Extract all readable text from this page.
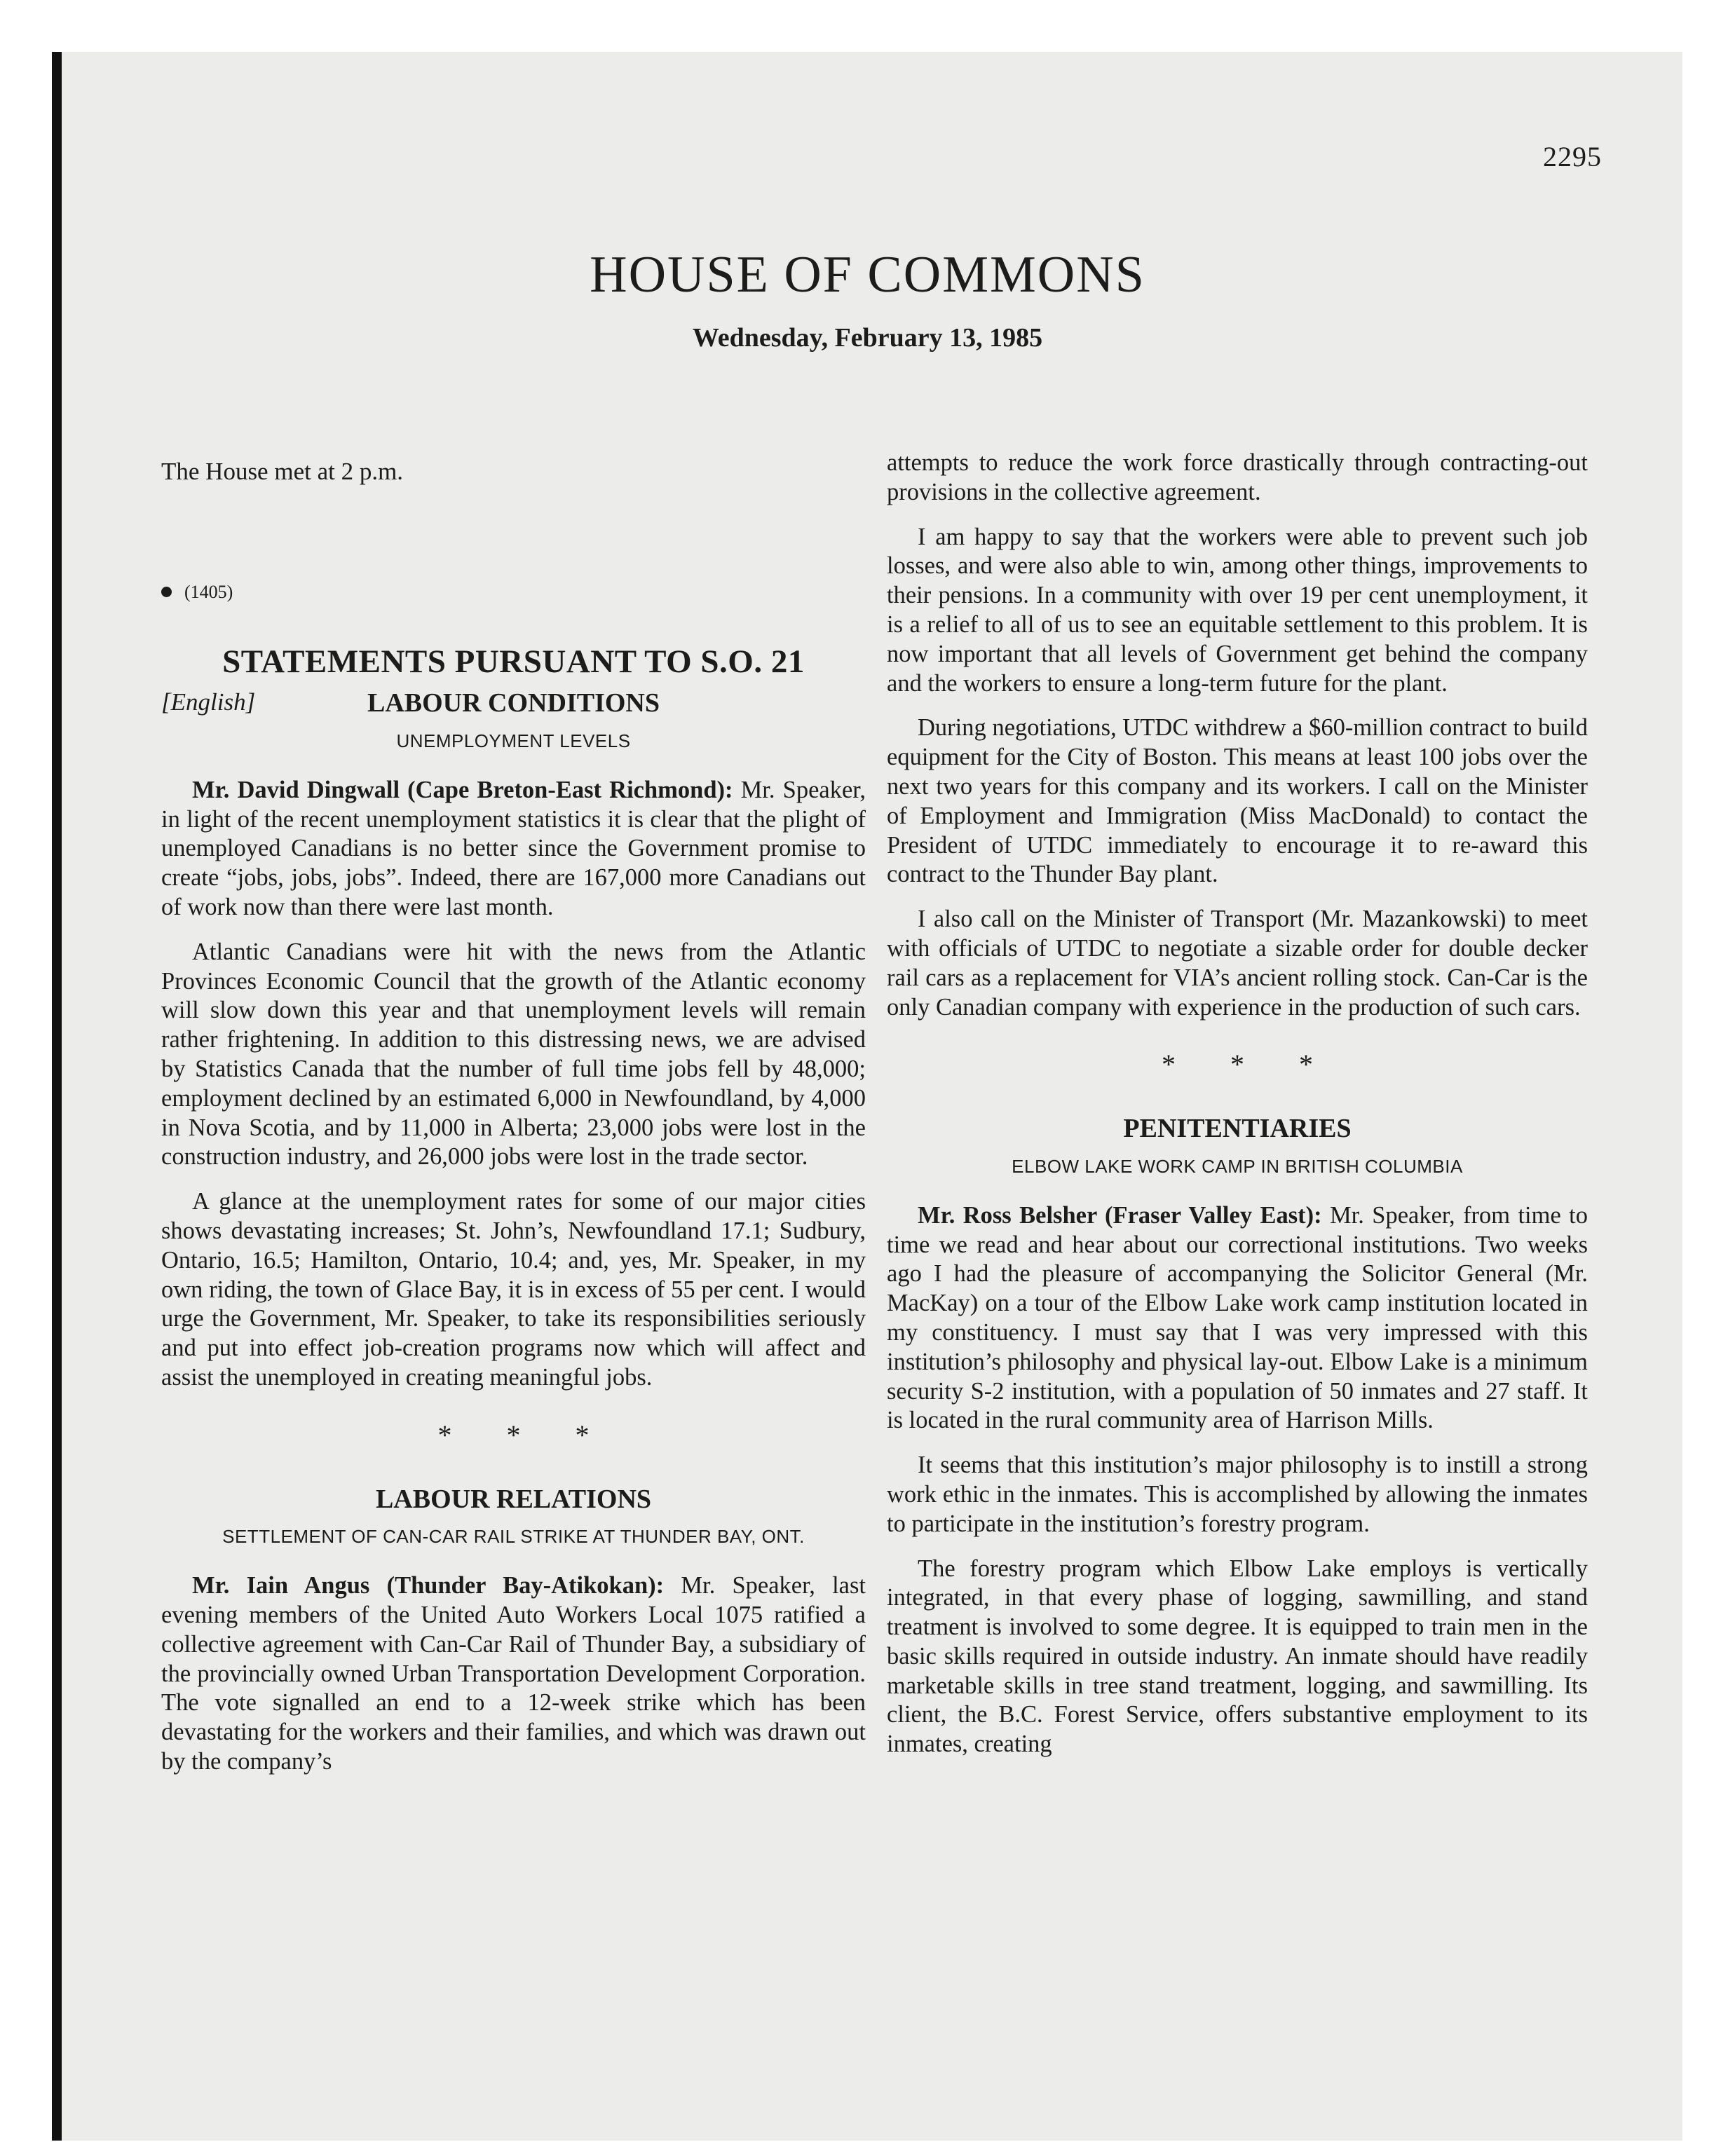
2295
HOUSE OF COMMONS
Wednesday, February 13, 1985

The House met at 2 p.m.

(1405)
STATEMENTS PURSUANT TO S.O. 21
[English]	LABOUR CONDITIONS
UNEMPLOYMENT LEVELS

Mr. David Dingwall (Cape Breton-East Richmond): Mr. Speaker, in light of the recent unemployment statistics it is clear that the plight of unemployed Canadians is no better since the Government promise to create “jobs, jobs, jobs”. Indeed, there are 167,000 more Canadians out of work now than there were last month.

Atlantic Canadians were hit with the news from the Atlantic Provinces Economic Council that the growth of the Atlantic economy will slow down this year and that unemployment levels will remain rather frightening. In addition to this distressing news, we are advised by Statistics Canada that the number of full time jobs fell by 48,000; employment declined by an estimated 6,000 in Newfoundland, by 4,000 in Nova Scotia, and by 11,000 in Alberta; 23,000 jobs were lost in the construction industry, and 26,000 jobs were lost in the trade sector.

A glance at the unemployment rates for some of our major cities shows devastating increases; St. John’s, Newfoundland 17.1; Sudbury, Ontario, 16.5; Hamilton, Ontario, 10.4; and, yes, Mr. Speaker, in my own riding, the town of Glace Bay, it is in excess of 55 per cent. I would urge the Government, Mr. Speaker, to take its responsibilities seriously and put into effect job-creation programs now which will affect and assist the unemployed in creating meaningful jobs.

* * *
LABOUR RELATIONS
SETTLEMENT OF CAN-CAR RAIL STRIKE AT THUNDER BAY, ONT.

Mr. Iain Angus (Thunder Bay-Atikokan): Mr. Speaker, last evening members of the United Auto Workers Local 1075 ratified a collective agreement with Can-Car Rail of Thunder Bay, a subsidiary of the provincially owned Urban Transportation Development Corporation. The vote signalled an end to a 12-week strike which has been devastating for the workers and their families, and which was drawn out by the company’s

attempts to reduce the work force drastically through contracting-out provisions in the collective agreement.

I am happy to say that the workers were able to prevent such job losses, and were also able to win, among other things, improvements to their pensions. In a community with over 19 per cent unemployment, it is a relief to all of us to see an equitable settlement to this problem. It is now important that all levels of Government get behind the company and the workers to ensure a long-term future for the plant.

During negotiations, UTDC withdrew a $60-million contract to build equipment for the City of Boston. This means at least 100 jobs over the next two years for this company and its workers. I call on the Minister of Employment and Immigration (Miss MacDonald) to contact the President of UTDC immediately to encourage it to re-award this contract to the Thunder Bay plant.

I also call on the Minister of Transport (Mr. Mazankowski) to meet with officials of UTDC to negotiate a sizable order for double decker rail cars as a replacement for VIA’s ancient rolling stock. Can-Car is the only Canadian company with experience in the production of such cars.

* * *
PENITENTIARIES
ELBOW LAKE WORK CAMP IN BRITISH COLUMBIA

Mr. Ross Belsher (Fraser Valley East): Mr. Speaker, from time to time we read and hear about our correctional institutions. Two weeks ago I had the pleasure of accompanying the Solicitor General (Mr. MacKay) on a tour of the Elbow Lake work camp institution located in my constituency. I must say that I was very impressed with this institution’s philosophy and physical lay-out. Elbow Lake is a minimum security S-2 institution, with a population of 50 inmates and 27 staff. It is located in the rural community area of Harrison Mills.

It seems that this institution’s major philosophy is to instill a strong work ethic in the inmates. This is accomplished by allowing the inmates to participate in the institution’s forestry program.

The forestry program which Elbow Lake employs is vertically integrated, in that every phase of logging, sawmilling, and stand treatment is involved to some degree. It is equipped to train men in the basic skills required in outside industry. An inmate should have readily marketable skills in tree stand treatment, logging, and sawmilling. Its client, the B.C. Forest Service, offers substantive employment to its inmates, creating
